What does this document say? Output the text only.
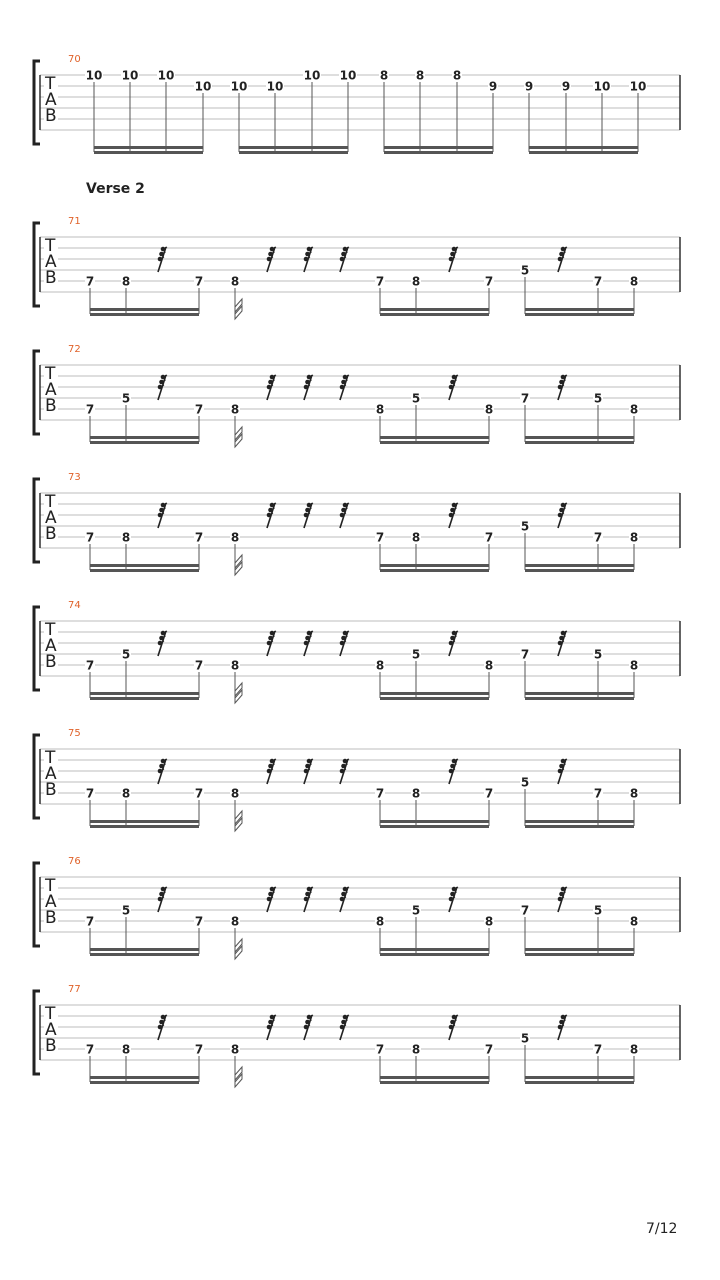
70
T
A
B
10 10 10
10 10 10
10 10 8 8 8
9 9 9 10 10
71
T
A
B 7 8	7 8	7 8	7
5
7 8
72
T
A
B 7
5
7 8	8
5
8
7	5
8
73
T
A
B 7 8	7 8	7 8	7
5
7 8
74
T
A
B 7
5
7 8	8
5
8
7	5
8
75
T
A
B 7 8	7 8	7 8	7
5
7 8
76
T
A
B 7
5
7 8	8
5
8
7	5
8
77
T
A
B 7 8	7 8	7 8	7
5
7 8
Verse 2
7/12
